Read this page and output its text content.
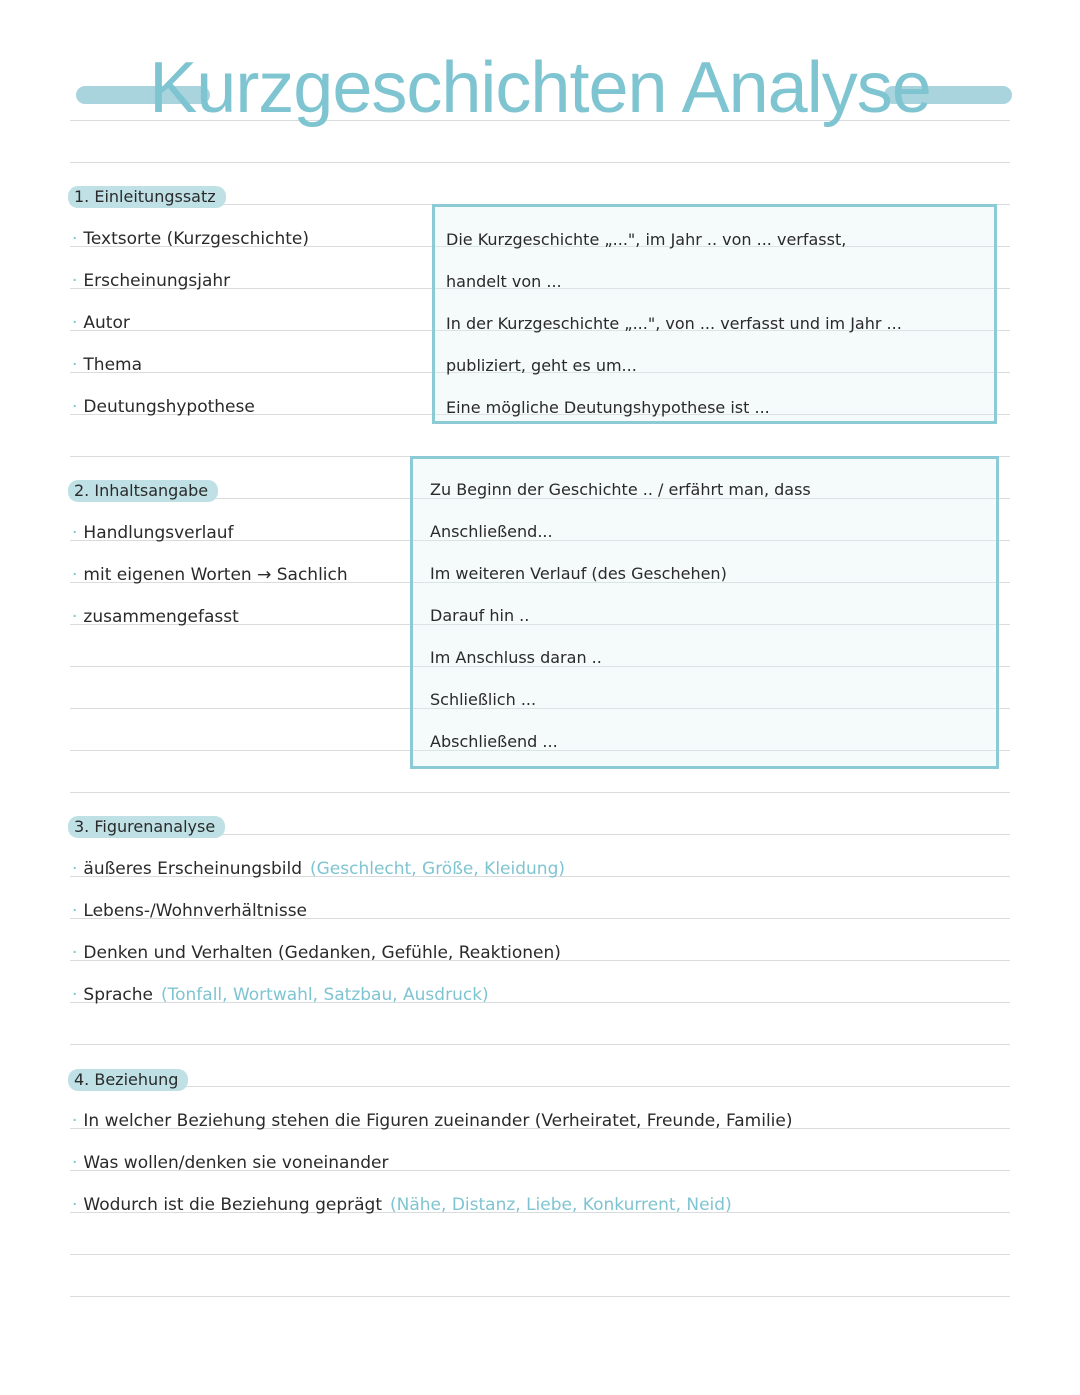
Kurzgeschichten Analyse
1. Einleitungssatz
· Textsorte (Kurzgeschichte)
· Erscheinungsjahr
· Autor
· Thema
· Deutungshypothese
Die Kurzgeschichte „...", im Jahr .. von ... verfasst,
handelt von ...
In der Kurzgeschichte „...", von ... verfasst und im Jahr ...
publiziert, geht es um...
Eine mögliche Deutungshypothese ist ...
2. Inhaltsangabe
· Handlungsverlauf
· mit eigenen Worten → Sachlich
· zusammengefasst
Zu Beginn der Geschichte .. / erfährt man, dass
Anschließend...
Im weiteren Verlauf (des Geschehen)
Darauf hin ..
Im Anschluss daran ..
Schließlich ...
Abschließend ...
3. Figurenanalyse
· äußeres Erscheinungsbild (Geschlecht, Größe, Kleidung)
· Lebens-/Wohnverhältnisse
· Denken und Verhalten (Gedanken, Gefühle, Reaktionen)
· Sprache (Tonfall, Wortwahl, Satzbau, Ausdruck)
4. Beziehung
· In welcher Beziehung stehen die Figuren zueinander (Verheiratet, Freunde, Familie)
· Was wollen/denken sie voneinander
· Wodurch ist die Beziehung geprägt (Nähe, Distanz, Liebe, Konkurrent, Neid)
